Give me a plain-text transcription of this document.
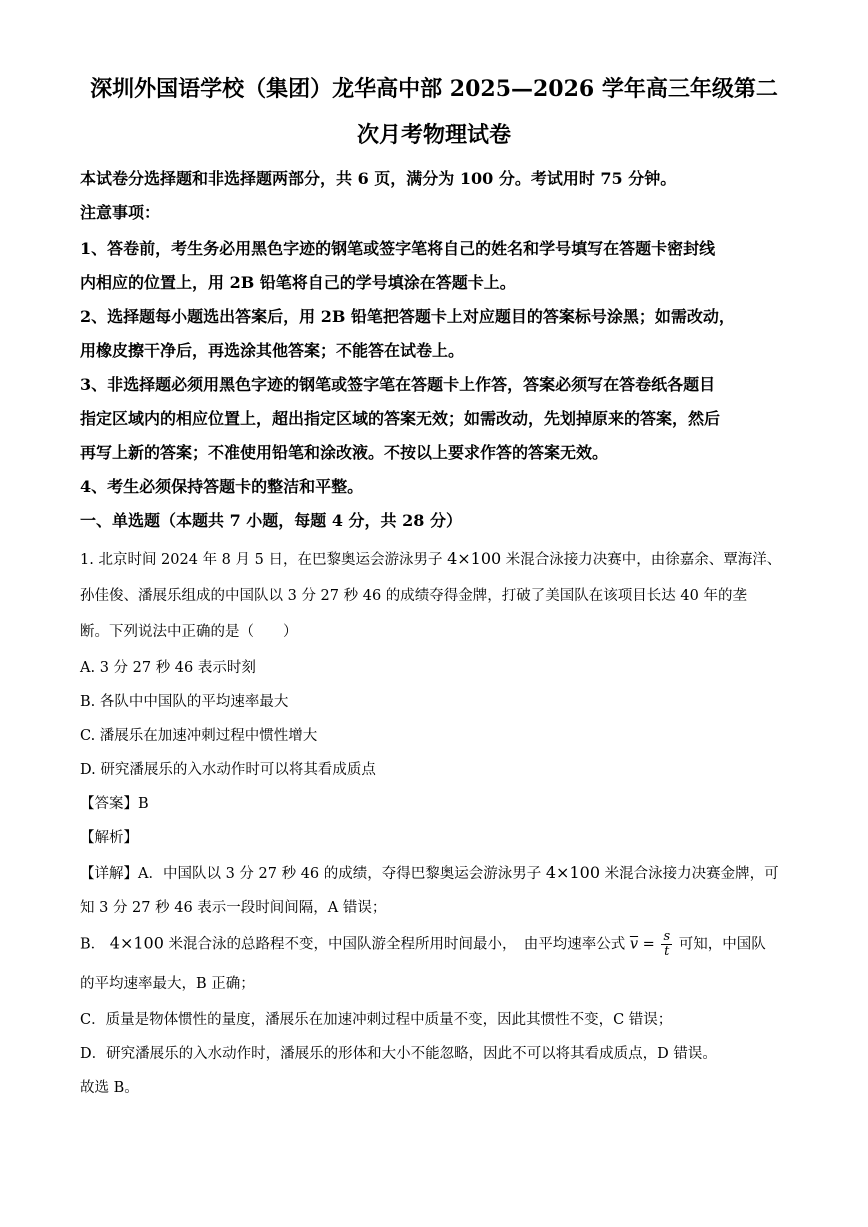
深圳外国语学校（集团）龙华高中部 2025—2026 学年高三年级第二
次月考物理试卷
本试卷分选择题和非选择题两部分，共 6 页，满分为 100 分。考试用时 75 分钟。
注意事项：
1、答卷前，考生务必用黑色字迹的钢笔或签字笔将自己的姓名和学号填写在答题卡密封线
内相应的位置上，用 2B 铅笔将自己的学号填涂在答题卡上。
2、选择题每小题选出答案后，用 2B 铅笔把答题卡上对应题目的答案标号涂黑；如需改动，
用橡皮擦干净后，再选涂其他答案；不能答在试卷上。
3、非选择题必须用黑色字迹的钢笔或签字笔在答题卡上作答，答案必须写在答卷纸各题目
指定区域内的相应位置上，超出指定区域的答案无效；如需改动，先划掉原来的答案，然后
再写上新的答案；不准使用铅笔和涂改液。不按以上要求作答的答案无效。
4、考生必须保持答题卡的整洁和平整。
一、单选题（本题共 7 小题，每题 4 分，共 28 分）
1. 北京时间 2024 年 8 月 5 日，在巴黎奥运会游泳男子 4×100 米混合泳接力决赛中，由徐嘉余、覃海洋、
孙佳俊、潘展乐组成的中国队以 3 分 27 秒 46 的成绩夺得金牌，打破了美国队在该项目长达 40 年的垄
断。下列说法中正确的是（　　）
A. 3 分 27 秒 46 表示时刻
B. 各队中中国队的平均速率最大
C. 潘展乐在加速冲刺过程中惯性增大
D. 研究潘展乐的入水动作时可以将其看成质点
【答案】B
【解析】
【详解】A．中国队以 3 分 27 秒 46 的成绩，夺得巴黎奥运会游泳男子 4×100 米混合泳接力决赛金牌，可
知 3 分 27 秒 46 表示一段时间间隔，A 错误；
B． 4×100 米混合泳的总路程不变，中国队游全程所用时间最小，　由平均速率公式 $\overline{v} = \frac{s}{t}$ 可知，中国队
的平均速率最大，B 正确；
C．质量是物体惯性的量度，潘展乐在加速冲刺过程中质量不变，因此其惯性不变，C 错误；
D．研究潘展乐的入水动作时，潘展乐的形体和大小不能忽略，因此不可以将其看成质点，D 错误。
故选 B。
